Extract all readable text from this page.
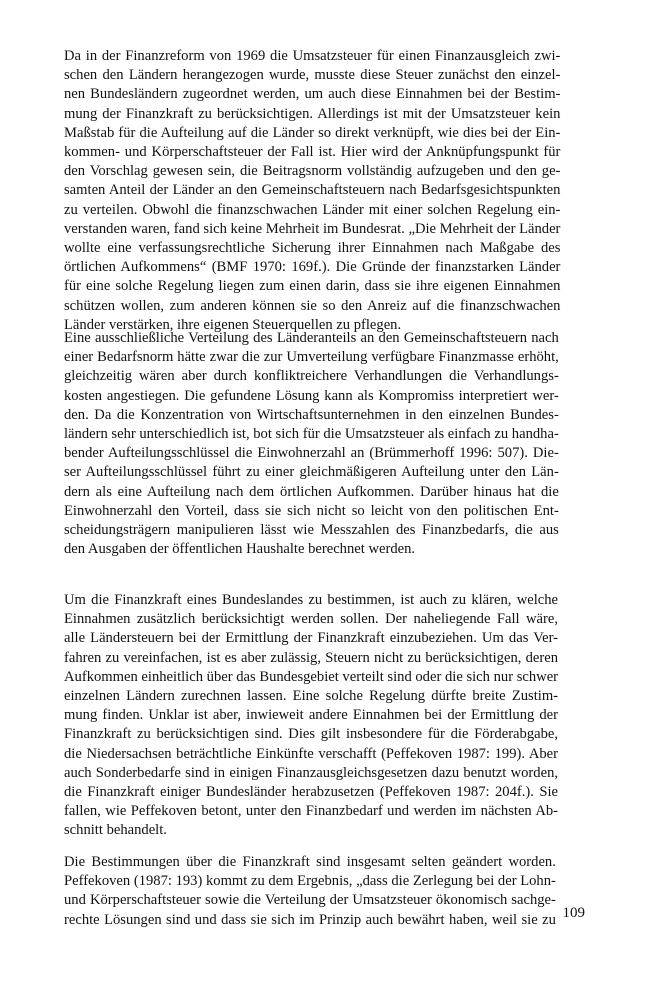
Da in der Finanzreform von 1969 die Umsatzsteuer für einen Finanzausgleich zwi-
schen den Ländern herangezogen wurde, musste diese Steuer zunächst den einzel-
nen Bundesländern zugeordnet werden, um auch diese Einnahmen bei der Bestim-
mung der Finanzkraft zu berücksichtigen. Allerdings ist mit der Umsatzsteuer kein
Maßstab für die Aufteilung auf die Länder so direkt verknüpft, wie dies bei der Ein-
kommen- und Körperschaftsteuer der Fall ist. Hier wird der Anknüpfungspunkt für
den Vorschlag gewesen sein, die Beitragsnorm vollständig aufzugeben und den ge-
samten Anteil der Länder an den Gemeinschaftsteuern nach Bedarfsgesichtspunkten
zu verteilen. Obwohl die finanzschwachen Länder mit einer solchen Regelung ein-
verstanden waren, fand sich keine Mehrheit im Bundesrat. „Die Mehrheit der Länder
wollte eine verfassungsrechtliche Sicherung ihrer Einnahmen nach Maßgabe des
örtlichen Aufkommens“ (BMF 1970: 169f.). Die Gründe der finanzstarken Länder
für eine solche Regelung liegen zum einen darin, dass sie ihre eigenen Einnahmen
schützen wollen, zum anderen können sie so den Anreiz auf die finanzschwachen
Länder verstärken, ihre eigenen Steuerquellen zu pflegen.
Eine ausschließliche Verteilung des Länderanteils an den Gemeinschaftsteuern nach
einer Bedarfsnorm hätte zwar die zur Umverteilung verfügbare Finanzmasse erhöht,
gleichzeitig wären aber durch konfliktreichere Verhandlungen die Verhandlungs-
kosten angestiegen. Die gefundene Lösung kann als Kompromiss interpretiert wer-
den. Da die Konzentration von Wirtschaftsunternehmen in den einzelnen Bundes-
ländern sehr unterschiedlich ist, bot sich für die Umsatzsteuer als einfach zu handha-
bender Aufteilungsschlüssel die Einwohnerzahl an (Brümmerhoff 1996: 507). Die-
ser Aufteilungsschlüssel führt zu einer gleichmäßigeren Aufteilung unter den Län-
dern als eine Aufteilung nach dem örtlichen Aufkommen. Darüber hinaus hat die
Einwohnerzahl den Vorteil, dass sie sich nicht so leicht von den politischen Ent-
scheidungsträgern manipulieren lässt wie Messzahlen des Finanzbedarfs, die aus
den Ausgaben der öffentlichen Haushalte berechnet werden.
Um die Finanzkraft eines Bundeslandes zu bestimmen, ist auch zu klären, welche
Einnahmen zusätzlich berücksichtigt werden sollen. Der naheliegende Fall wäre,
alle Ländersteuern bei der Ermittlung der Finanzkraft einzubeziehen. Um das Ver-
fahren zu vereinfachen, ist es aber zulässig, Steuern nicht zu berücksichtigen, deren
Aufkommen einheitlich über das Bundesgebiet verteilt sind oder die sich nur schwer
einzelnen Ländern zurechnen lassen. Eine solche Regelung dürfte breite Zustim-
mung finden. Unklar ist aber, inwieweit andere Einnahmen bei der Ermittlung der
Finanzkraft zu berücksichtigen sind. Dies gilt insbesondere für die Förderabgabe,
die Niedersachsen beträchtliche Einkünfte verschafft (Peffekoven 1987: 199). Aber
auch Sonderbedarfe sind in einigen Finanzausgleichsgesetzen dazu benutzt worden,
die Finanzkraft einiger Bundesländer herabzusetzen (Peffekoven 1987: 204f.). Sie
fallen, wie Peffekoven betont, unter den Finanzbedarf und werden im nächsten Ab-
schnitt behandelt.
Die Bestimmungen über die Finanzkraft sind insgesamt selten geändert worden.
Peffekoven (1987: 193) kommt zu dem Ergebnis, „dass die Zerlegung bei der Lohn-
und Körperschaftsteuer sowie die Verteilung der Umsatzsteuer ökonomisch sachge-
rechte Lösungen sind und dass sie sich im Prinzip auch bewährt haben, weil sie zu 109
